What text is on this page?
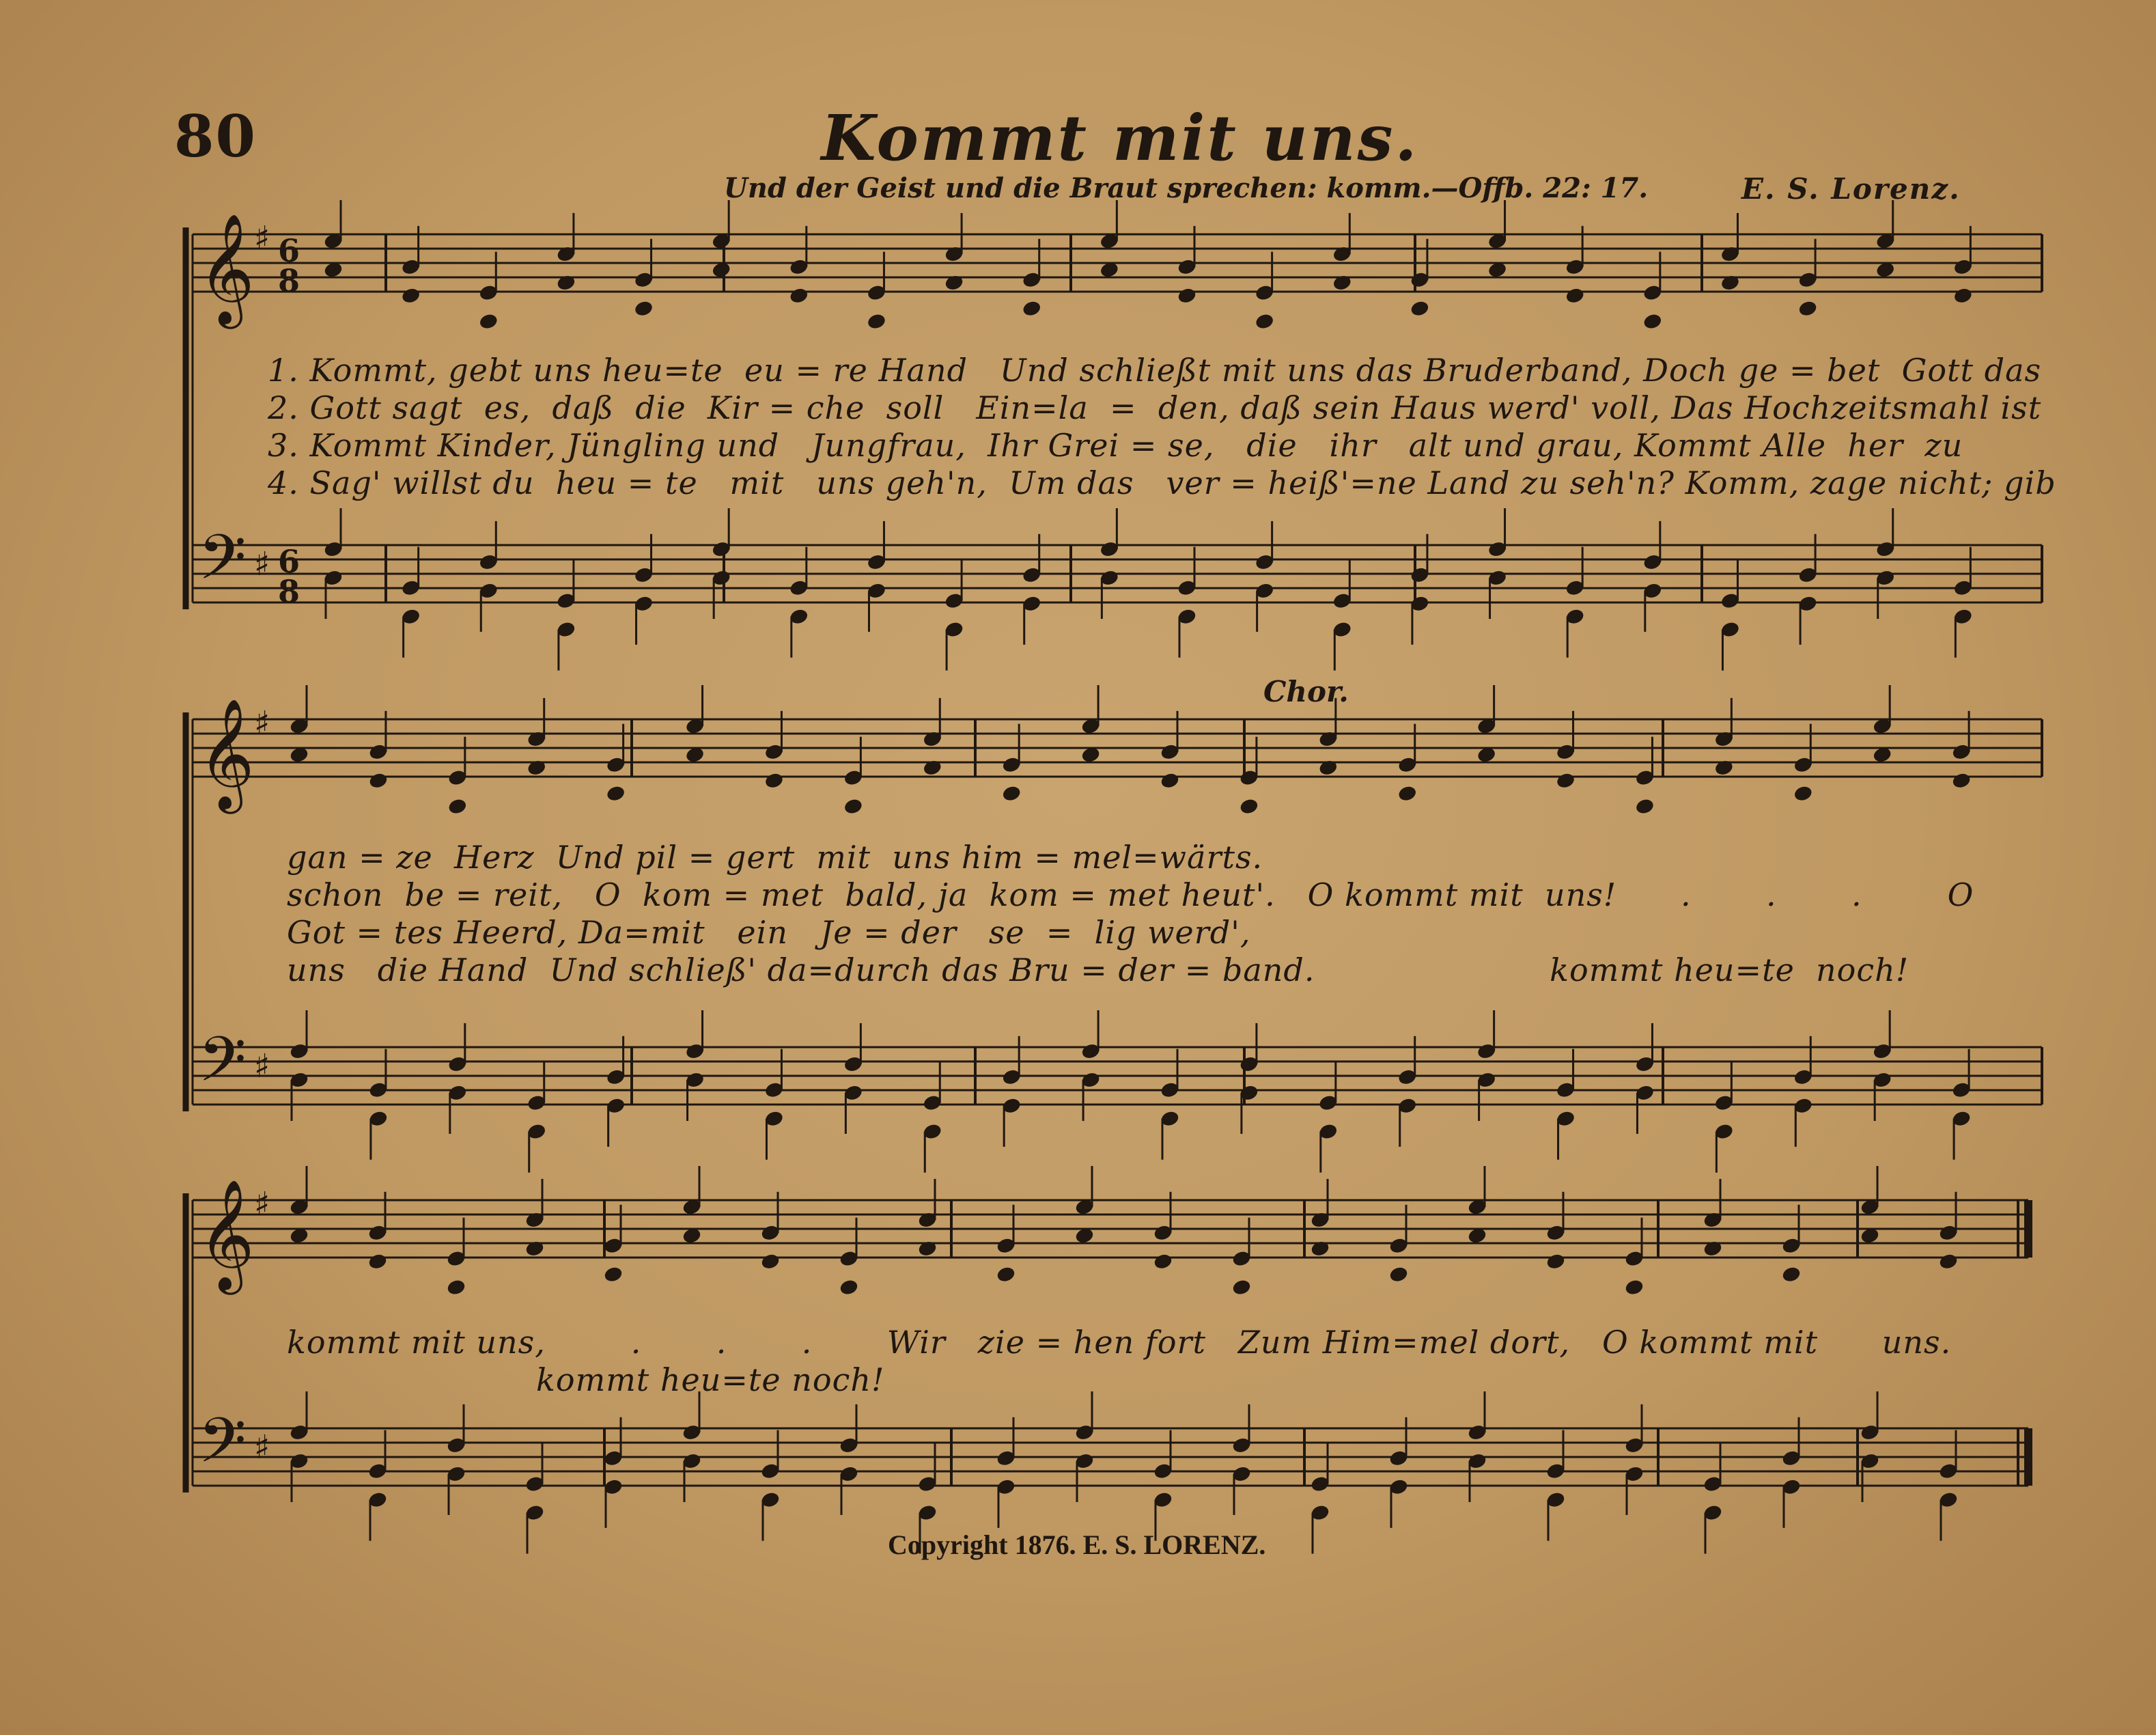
80	Kommt mit uns.
Und der Geist und die Braut sprechen: komm.—Offb. 22: 17.	E. S. Lorenz.
𝄞 ♯ 6
8
𝄢 ♯ 6
8
𝄞 ♯
𝄢 ♯
𝄞 ♯
𝄢 ♯
Chor.
1. Kommt, gebt uns heu=te  eu = re Hand   Und schließt mit uns das Bruderband, Doch ge = bet  Gott das
2. Gott sagt  es,  daß  die  Kir = che  soll   Ein=la  =  den, daß sein Haus werd' voll, Das Hochzeitsmahl ist
3. Kommt Kinder, Jüngling und   Jungfrau,  Ihr Grei = se,   die   ihr   alt und grau, Kommt Alle  her  zu
4. Sag' willst du  heu = te   mit   uns geh'n,  Um das   ver = heiß'=ne Land zu seh'n? Komm, zage nicht; gib
gan = ze  Herz  Und pil = gert  mit  uns him = mel=wärts.
schon  be = reit,   O  kom = met  bald, ja  kom = met heut'.   O kommt mit  uns!      .       .       .        O
Got = tes Heerd, Da=mit   ein   Je = der   se  =  lig werd',
uns   die Hand  Und schließ' da=durch das Bru = der = band.                      kommt heu=te  noch!
kommt mit uns,        .       .       .       Wir   zie = hen fort   Zum Him=mel dort,   O kommt mit      uns.
kommt heu=te noch!
Copyright 1876. E. S. LORENZ.
